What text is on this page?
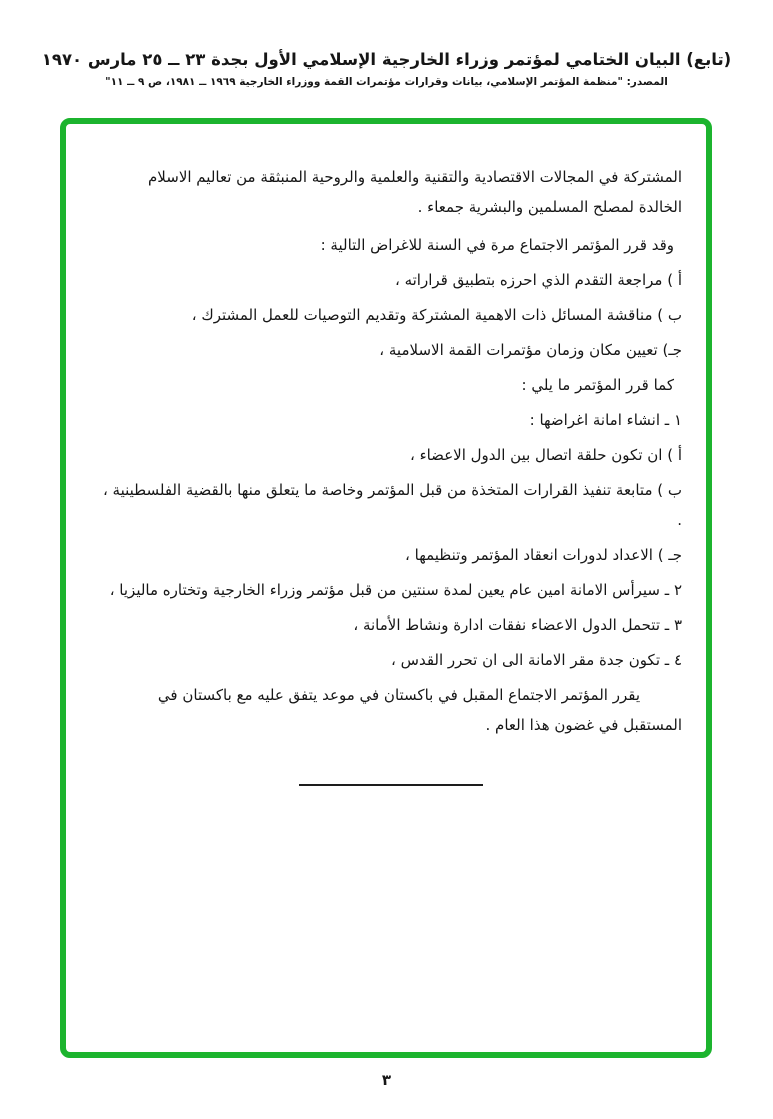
(تابع) البيان الختامي لمؤتمر وزراء الخارجية الإسلامي الأول بجدة ٢٣ ــ ٢٥ مارس ١٩٧٠
المصدر: "منظمة المؤتمر الإسلامي، بيانات وقرارات مؤتمرات القمة ووزراء الخارجية ١٩٦٩ ــ ١٩٨١، ص ٩ ــ ١١"

المشتركة في المجالات الاقتصادية والتقنية والعلمية والروحية المنبثقة من تعاليم الاسلام الخالدة لمصلح المسلمين والبشرية جمعاء .

وقد قرر المؤتمر الاجتماع مرة في السنة للاغراض التالية :

أ ) مراجعة التقدم الذي احرزه بتطبيق قراراته ،

ب ) مناقشة المسائل ذات الاهمية المشتركة وتقديم التوصيات للعمل المشترك ،

جـ) تعيين مكان وزمان مؤتمرات القمة الاسلامية ،

كما قرر المؤتمر ما يلي :

١ ـ انشاء امانة اغراضها :

أ ) ان تكون حلقة اتصال بين الدول الاعضاء ،

ب ) متابعة تنفيذ القرارات المتخذة من قبل المؤتمر وخاصة ما يتعلق منها بالقضية الفلسطينية ، .

جـ ) الاعداد لدورات انعقاد المؤتمر وتنظيمها ،

٢ ـ سيرأس الامانة امين عام يعين لمدة سنتين من قبل مؤتمر وزراء الخارجية وتختاره ماليزيا ،

٣ ـ تتحمل الدول الاعضاء نفقات ادارة ونشاط الأمانة ،

٤ ـ تكون جدة مقر الامانة الى ان تحرر القدس ،

يقرر المؤتمر الاجتماع المقبل في باكستان في موعد يتفق عليه مع باكستان في المستقبل في غضون هذا العام .

٣
